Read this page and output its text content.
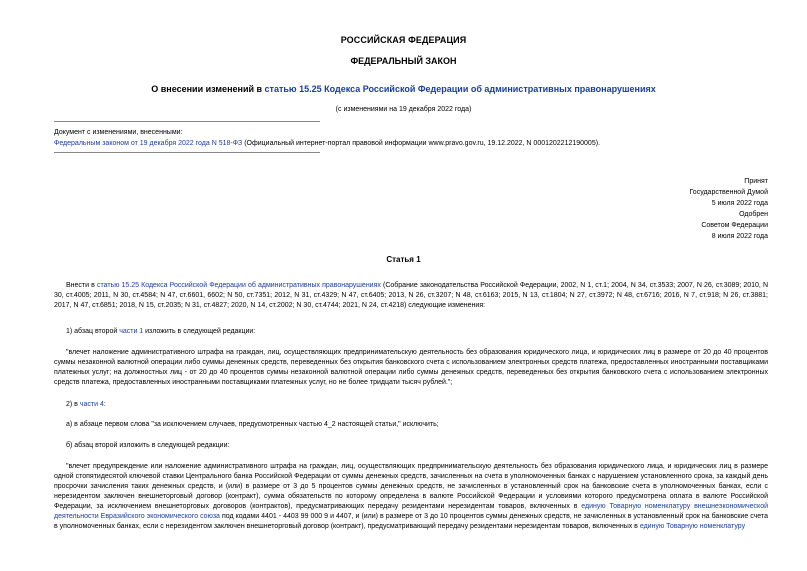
РОССИЙСКАЯ ФЕДЕРАЦИЯ
ФЕДЕРАЛЬНЫЙ ЗАКОН
О внесении изменений в статью 15.25 Кодекса Российской Федерации об административных правонарушениях
(с изменениями на 19 декабря 2022 года)
Документ с изменениями, внесенными:
Федеральным законом от 19 декабря 2022 года N 518-ФЗ (Официальный интернет-портал правовой информации www.pravo.gov.ru, 19.12.2022, N 0001202212190005).
Принят
Государственной Думой
5 июля 2022 года
Одобрен
Советом Федерации
8 июля 2022 года
Статья 1
Внести в статью 15.25 Кодекса Российской Федерации об административных правонарушениях (Собрание законодательства Российской Федерации, 2002, N 1, ст.1; 2004, N 34, ст.3533; 2007, N 26, ст.3089; 2010, N 30, ст.4005; 2011, N 30, ст.4584; N 47, ст.6601, 6602; N 50, ст.7351; 2012, N 31, ст.4329; N 47, ст.6405; 2013, N 26, ст.3207; N 48, ст.6163; 2015, N 13, ст.1804; N 27, ст.3972; N 48, ст.6716; 2016, N 7, ст.918; N 26, ст.3881; 2017, N 47, ст.6851; 2018, N 15, ст.2035; N 31, ст.4827; 2020, N 14, ст.2002; N 30, ст.4744; 2021, N 24, ст.4218) следующие изменения:
1) абзац второй части 1 изложить в следующей редакции:
"влечет наложение административного штрафа на граждан, лиц, осуществляющих предпринимательскую деятельность без образования юридического лица, и юридических лиц в размере от 20 до 40 процентов суммы незаконной валютной операции либо суммы денежных средств, переведенных без открытия банковского счета с использованием электронных средств платежа, предоставленных иностранными поставщиками платежных услуг; на должностных лиц - от 20 до 40 процентов суммы незаконной валютной операции либо суммы денежных средств, переведенных без открытия банковского счета с использованием электронных средств платежа, предоставленных иностранными поставщиками платежных услуг, но не более тридцати тысяч рублей.";
2) в части 4:
а) в абзаце первом слова "за исключением случаев, предусмотренных частью 4_2 настоящей статьи," исключить;
б) абзац второй изложить в следующей редакции:
"влечет предупреждение или наложение административного штрафа на граждан, лиц, осуществляющих предпринимательскую деятельность без образования юридического лица, и юридических лиц в размере одной стопятидесятой ключевой ставки Центрального банка Российской Федерации от суммы денежных средств, зачисленных на счета в уполномоченных банках с нарушением установленного срока, за каждый день просрочки зачисления таких денежных средств, и (или) в размере от 3 до 5 процентов суммы денежных средств, не зачисленных в установленный срок на банковские счета в уполномоченных банках, если с нерезидентом заключен внешнеторговый договор (контракт), сумма обязательств по которому определена в валюте Российской Федерации и условиями которого предусмотрена оплата в валюте Российской Федерации, за исключением внешнеторговых договоров (контрактов), предусматривающих передачу резидентами нерезидентам товаров, включенных в единую Товарную номенклатуру внешнеэкономической деятельности Евразийского экономического союза под кодами 4401 - 4403 99 000 9 и 4407, и (или) в размере от 3 до 10 процентов суммы денежных средств, не зачисленных в установленный срок на банковские счета в уполномоченных банках, если с нерезидентом заключен внешнеторговый договор (контракт), предусматривающий передачу резидентами нерезидентам товаров, включенных в единую Товарную номенклатуру
